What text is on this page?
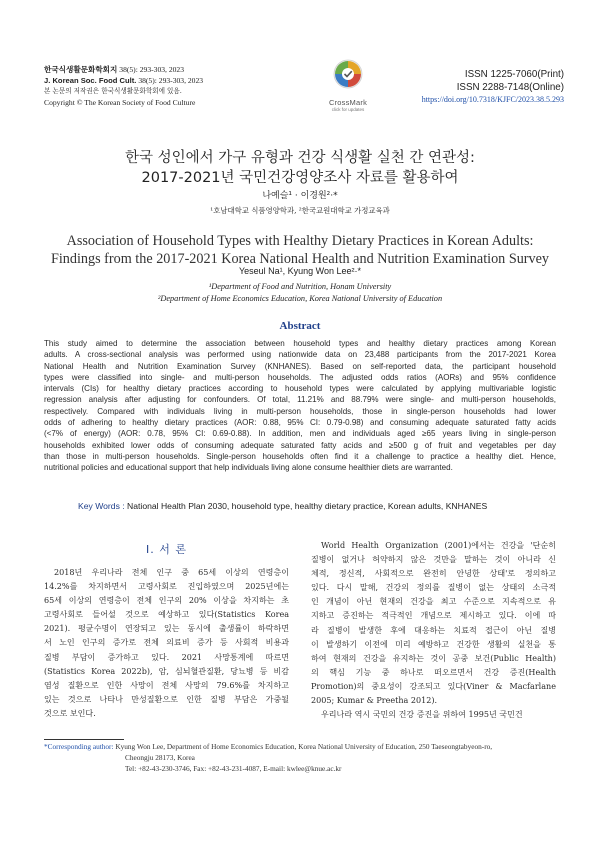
한국식생활문화학회지 38(5): 293-303, 2023
J. Korean Soc. Food Cult. 38(5): 293-303, 2023
본 논문의 저작권은 한국식생활문화학회에 있음.
Copyright © The Korean Society of Food Culture	CrossMark
click for updates
ISSN 1225-7060(Print)
ISSN 2288-7148(Online)
https://doi.org/10.7318/KJFC/2023.38.5.293
한국 성인에서 가구 유형과 건강 식생활 실천 간 연관성:
2017-2021년 국민건강영양조사 자료를 활용하여
나예슬¹ · 이경원²·*
¹호남대학교 식품영양학과, ²한국교원대학교 가정교육과
Association of Household Types with Healthy Dietary Practices in Korean Adults:
Findings from the 2017-2021 Korea National Health and Nutrition Examination Survey
Yeseul Na¹, Kyung Won Lee²·*
¹Department of Food and Nutrition, Honam University
²Department of Home Economics Education, Korea National University of Education
Abstract
This study aimed to determine the association between household types and healthy dietary practices among Korean
adults. A cross-sectional analysis was performed using nationwide data on 23,488 participants from the 2017-2021 Korea
National Health and Nutrition Examination Survey (KNHANES). Based on self-reported data, the participant household
types were classified into single- and multi-person households. The adjusted odds ratios (AORs) and 95% confidence
intervals (CIs) for healthy dietary practices according to household types were calculated by applying multivariable logistic
regression analysis after adjusting for confounders. Of total, 11.21% and 88.79% were single- and multi-person households,
respectively. Compared with individuals living in multi-person households, those in single-person households had lower
odds of adhering to healthy dietary practices (AOR: 0.88, 95% CI: 0.79-0.98) and consuming adequate saturated fatty acids
(<7% of energy) (AOR: 0.78, 95% CI: 0.69-0.88). In addition, men and individuals aged ≥65 years living in single-person
households exhibited lower odds of consuming adequate saturated fatty acids and ≥500 g of fruit and vegetables per day
than those in multi-person households. Single-person households often find it a challenge to practice a healthy diet. Hence,
nutritional policies and educational support that help individuals living alone consume healthier diets are warranted.
Key Words : National Health Plan 2030, household type, healthy dietary practice, Korean adults, KNHANES
I. 서 론
2018년 우리나라 전체 인구 중 65세 이상의 연령층이
14.2%를 차지하면서 고령사회로 진입하였으며 2025년에는
65세 이상의 연령층이 전체 인구의 20% 이상을 차지하는 초
고령사회로 들어설 것으로 예상하고 있다(Statistics Korea
2021). 평균수명이 연장되고 있는 동시에 출생률이 하락하면
서 노인 인구의 증가로 전체 의료비 증가 등 사회적 비용과
질병 부담이 증가하고 있다. 2021 사망통계에 따르면
(Statistics Korea 2022b), 암, 심뇌혈관질환, 당뇨병 등 비감
염성 질환으로 인한 사망이 전체 사망의 79.6%를 차지하고
있는 것으로 나타나 만성질환으로 인한 질병 부담은 가중될
것으로 보인다.
World Health Organization (2001)에서는 건강을 '단순히
질병이 없거나 허약하지 않은 것만을 말하는 것이 아니라 신
체적, 정신적, 사회적으로 완전히 안녕한 상태'로 정의하고
있다. 다시 말해, 건강의 정의를 질병이 없는 상태의 소극적
인 개념이 아닌 현재의 건강을 최고 수준으로 지속적으로 유
지하고 증진하는 적극적인 개념으로 제시하고 있다. 이에 따
라 질병이 발생한 후에 대응하는 치료적 접근이 아닌 질병
이 발생하기 이전에 미리 예방하고 건강한 생활의 실천을 통
하여 현재의 건강을 유지하는 것이 공중 보건(Public Health)
의 핵심 기능 중 하나로 떠오르면서 건강 증진(Health
Promotion)의 중요성이 강조되고 있다(Viner & Macfarlane
2005; Kumar & Preetha 2012).
우리나라 역시 국민의 건강 증진을 위하여 1995년 국민건
*Corresponding author: Kyung Won Lee, Department of Home Economics Education, Korea National University of Education, 250 Taeseongtabyeon-ro,
Cheongju 28173, Korea
Tel: +82-43-230-3746, Fax: +82-43-231-4087, E-mail: kwlee@knue.ac.kr
